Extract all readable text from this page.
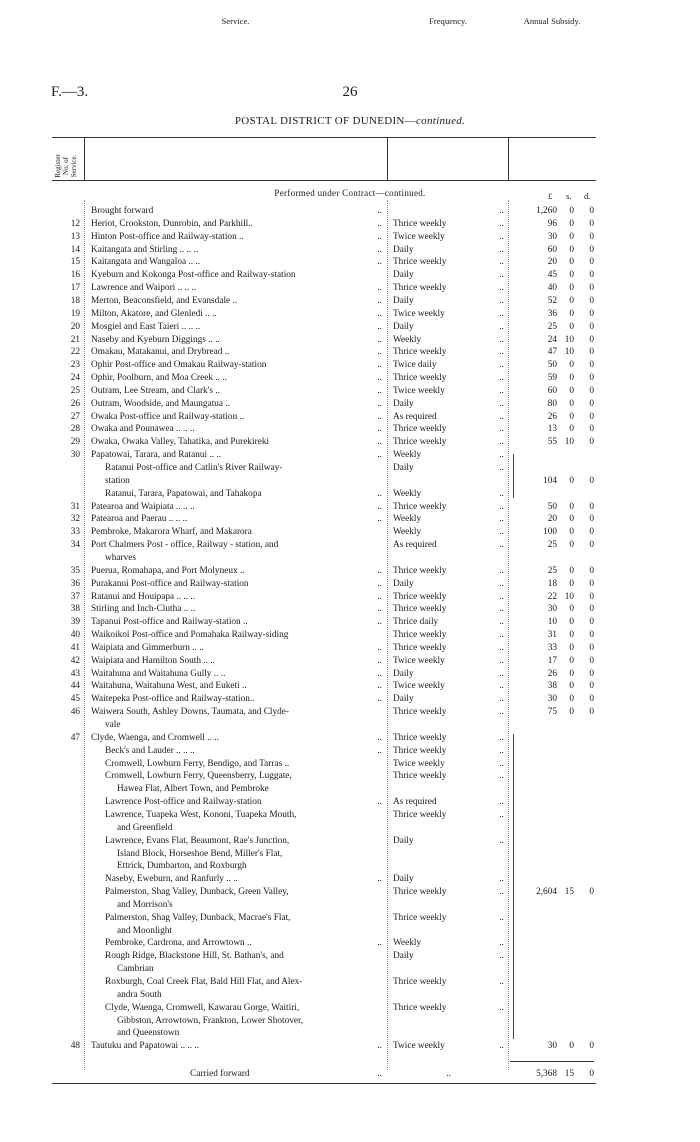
F.—3.	26
POSTAL DISTRICT OF DUNEDIN—continued.
Register
No. of
Service.
Service.	Frequency.	Annual Subsidy.
Performed under Contract—continued.	£ s. d.
Brought forward	..	..	1,260	0	0
12 Heriot, Crookston, Dunrobin, and Parkhill..	.. Thrice weekly	..	96	0	0
13 Hinton Post-office and Railway-station ..	.. Twice weekly	..	30	0	0
14 Kaitangata and Stirling .. .. ..	.. Daily	..	60	0	0
15 Kaitangata and Wangaloa .. ..	.. Thrice weekly	..	20	0	0
16 Kyeburn and Kokonga Post-office and Railway-station	Daily	..	45	0	0
17 Lawrence and Waipori .. .. ..	.. Thrice weekly	..	40	0	0
18 Merton, Beaconsfield, and Evansdale ..	.. Daily	..	52	0	0
19 Milton, Akatore, and Glenledi .. ..	.. Twice weekly	..	36	0	0
20 Mosgiel and East Taieri .. .. ..	.. Daily	..	25	0	0
21 Naseby and Kyeburn Diggings .. ..	.. Weekly	..	24 10	0
22 Omakau, Matakanui, and Drybread ..	.. Thrice weekly	..	47 10	0
23 Ophir Post-office and Omakau Railway-station	.. Twice daily	..	50	0	0
24 Ophir, Poolburn, and Moa Creek .. ..	.. Thrice weekly	..	59	0	0
25 Outram, Lee Stream, and Clark's ..	.. Twice weekly	..	60	0	0
26 Outram, Woodside, and Maungatua ..	.. Daily	..	80	0	0
27 Owaka Post-office and Railway-station ..	.. As required	..	26	0	0
28 Owaka and Pounawea .. .. ..	.. Thrice weekly	..	13	0	0
29 Owaka, Owaka Valley, Tahatika, and Purekireki	.. Thrice weekly	..	55 10	0
30 Papatowai, Tarara, and Ratanui .. ..	.. Weekly	..
Ratanui Post-office and Catlin's River Railway-	Daily	..
station	104	0	0
Ratanui, Tarara, Papatowai, and Tahakopa	.. Weekly	..
31 Patearoa and Waipiata .. .. ..	.. Thrice weekly	..	50	0	0
32 Patearoa and Paerau .. .. ..	.. Weekly	..	20	0	0
33 Pembroke, Makarora Wharf, and Makarora	Weekly	..	100	0	0
34 Port Chalmers Post - office, Railway - station, and	As required	..	25	0	0
wharves
35 Puerua, Romahapa, and Port Molyneux ..	.. Thrice weekly	..	25	0	0
36 Purakanui Post-office and Railway-station	.. Daily	..	18	0	0
37 Ratanui and Houipapa .. .. ..	.. Thrice weekly	..	22 10	0
38 Stirling and Inch-Clutha .. ..	.. Thrice weekly	..	30	0	0
39 Tapanui Post-office and Railway-station ..	.. Thrice daily	..	10	0	0
40 Waikoikoi Post-office and Pomahaka Railway-siding	Thrice weekly	..	31	0	0
41 Waipiata and Gimmerburn .. ..	.. Thrice weekly	..	33	0	0
42 Waipiata and Hamilton South .. ..	.. Twice weekly	..	17	0	0
43 Waitahuna and Waitahuna Gully .. ..	.. Daily	..	26	0	0
44 Waitahuna, Waitahuna West, and Euketi ..	.. Twice weekly	..	38	0	0
45 Waitepeka Post-office and Railway-station..	.. Daily	..	30	0	0
46 Waiwera South, Ashley Downs, Taumata, and Clyde-	Thrice weekly	..	75	0	0
vale
47 Clyde, Waenga, and Cromwell .. ..	.. Thrice weekly	..
Beck's and Lauder .. .. ..	.. Thrice weekly	..
Cromwell, Lowburn Ferry, Bendigo, and Tarras ..	Twice weekly	..
Cromwell, Lowburn Ferry, Queensberry, Luggate,	Thrice weekly	..
Hawea Flat, Albert Town, and Pembroke
Lawrence Post-office and Railway-station	.. As required	..
Lawrence, Tuapeka West, Kononi, Tuapeka Mouth,	Thrice weekly	..
and Greenfield
Lawrence, Evans Flat, Beaumont, Rae's Junction,	Daily	..
Island Block, Horseshoe Bend, Miller's Flat,
Ettrick, Dumbarton, and Roxburgh
Naseby, Eweburn, and Ranfurly .. ..	.. Daily	..
Palmerston, Shag Valley, Dunback, Green Valley,	Thrice weekly	..	2,604 15	0
and Morrison's
Palmerston, Shag Valley, Dunback, Macrae's Flat,	Thrice weekly	..
and Moonlight
Pembroke, Cardrona, and Arrowtown ..	.. Weekly	..
Rough Ridge, Blackstone Hill, St. Bathan's, and	Daily	..
Cambrian
Roxburgh, Coal Creek Flat, Bald Hill Flat, and Alex-	Thrice weekly	..
andra South
Clyde, Waenga, Cromwell, Kawarau Gorge, Waitiri,	Thrice weekly	..
Gibbston, Arrowtown, Frankton, Lower Shotover,
and Queenstown
48 Tautuku and Papatowai .. .. ..	.. Twice weekly	..	30	0	0
Carried forward	..	..	5,368 15	0
